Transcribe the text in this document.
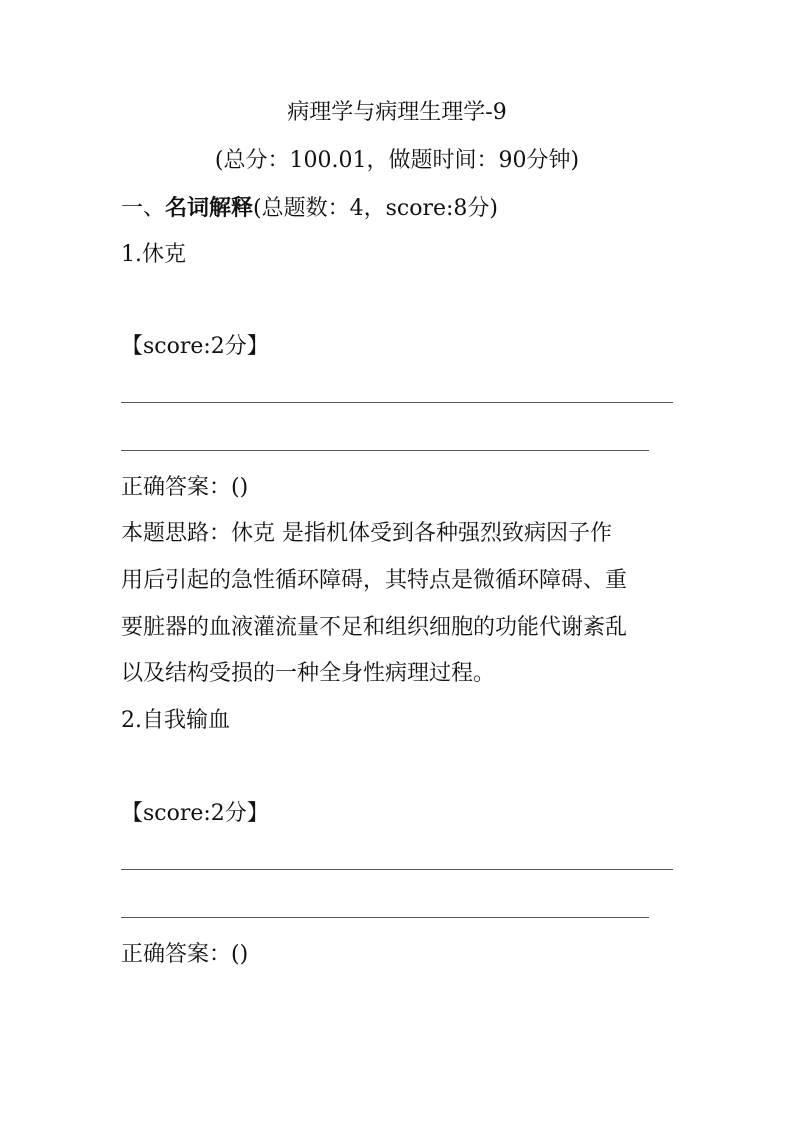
病理学与病理生理学-9
(总分：100.01，做题时间：90分钟)
一、名词解释(总题数：4，score:8分)
1.休克
【score:2分】
正确答案：()
本题思路：休克 是指机体受到各种强烈致病因子作
用后引起的急性循环障碍，其特点是微循环障碍、重
要脏器的血液灌流量不足和组织细胞的功能代谢紊乱
以及结构受损的一种全身性病理过程。
2.自我输血
【score:2分】
正确答案：()
